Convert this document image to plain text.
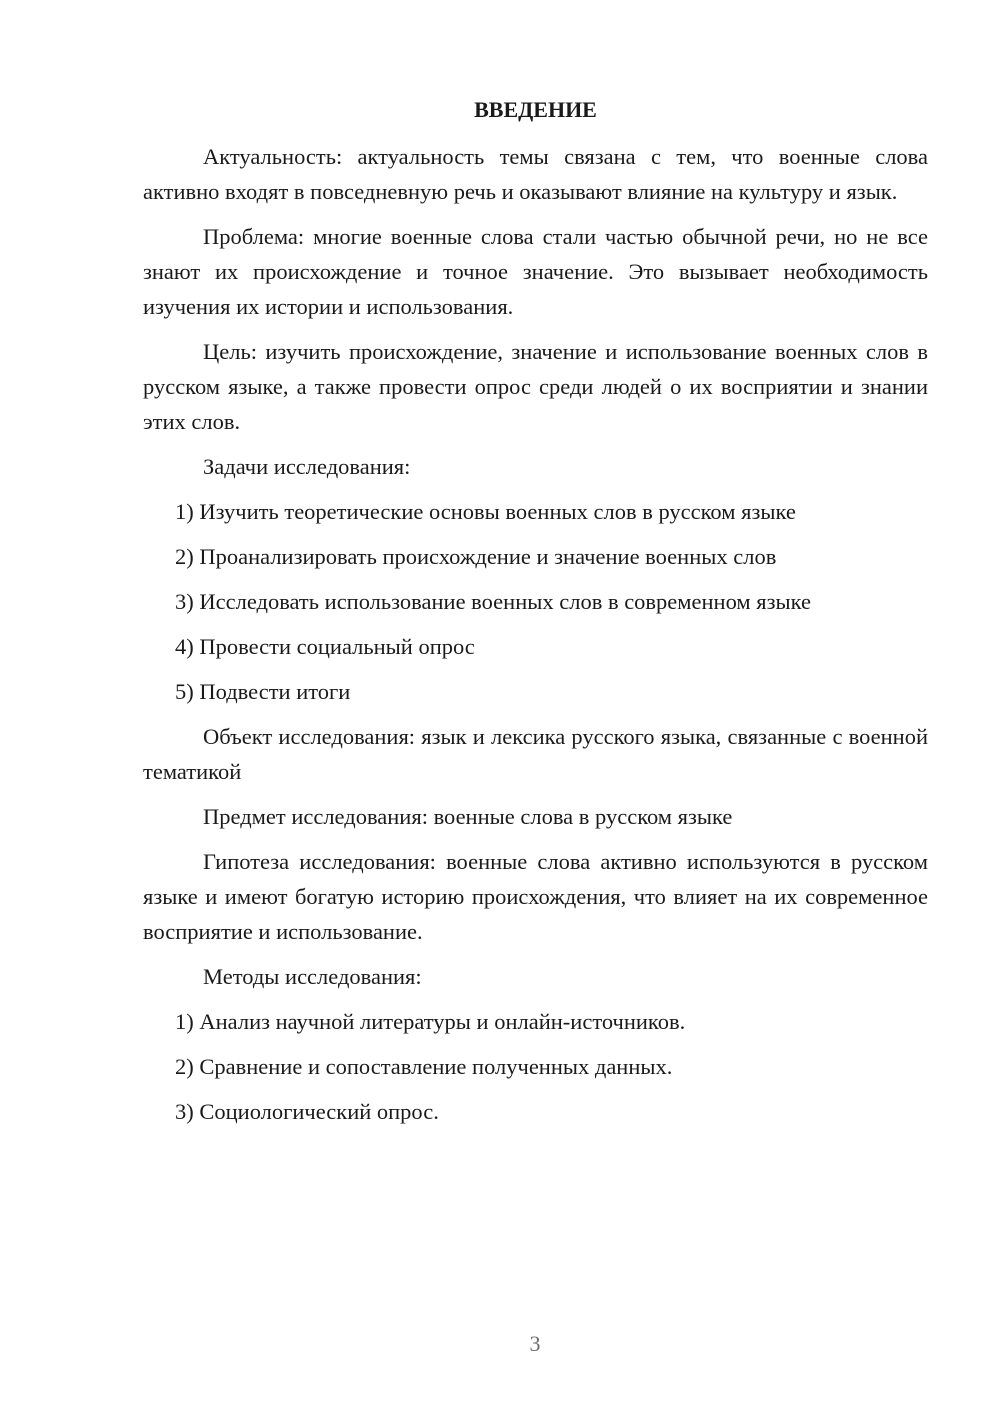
ВВЕДЕНИЕ

Актуальность: актуальность темы связана с тем, что военные слова активно входят в повседневную речь и оказывают влияние на культуру и язык.

Проблема: многие военные слова стали частью обычной речи, но не все знают их происхождение и точное значение. Это вызывает необходимость изучения их истории и использования.

Цель: изучить происхождение, значение и использование военных слов в русском языке, а также провести опрос среди людей о их восприятии и знании этих слов.

Задачи исследования:

1) Изучить теоретические основы военных слов в русском языке
2) Проанализировать происхождение и значение военных слов
3) Исследовать использование военных слов в современном языке
4) Провести социальный опрос
5) Подвести итоги

Объект исследования: язык и лексика русского языка, связанные с военной тематикой

Предмет исследования: военные слова в русском языке

Гипотеза исследования: военные слова активно используются в русском языке и имеют богатую историю происхождения, что влияет на их современное восприятие и использование.

Методы исследования:

1) Анализ научной литературы и онлайн-источников.
2) Сравнение и сопоставление полученных данных.
3) Социологический опрос.
3
